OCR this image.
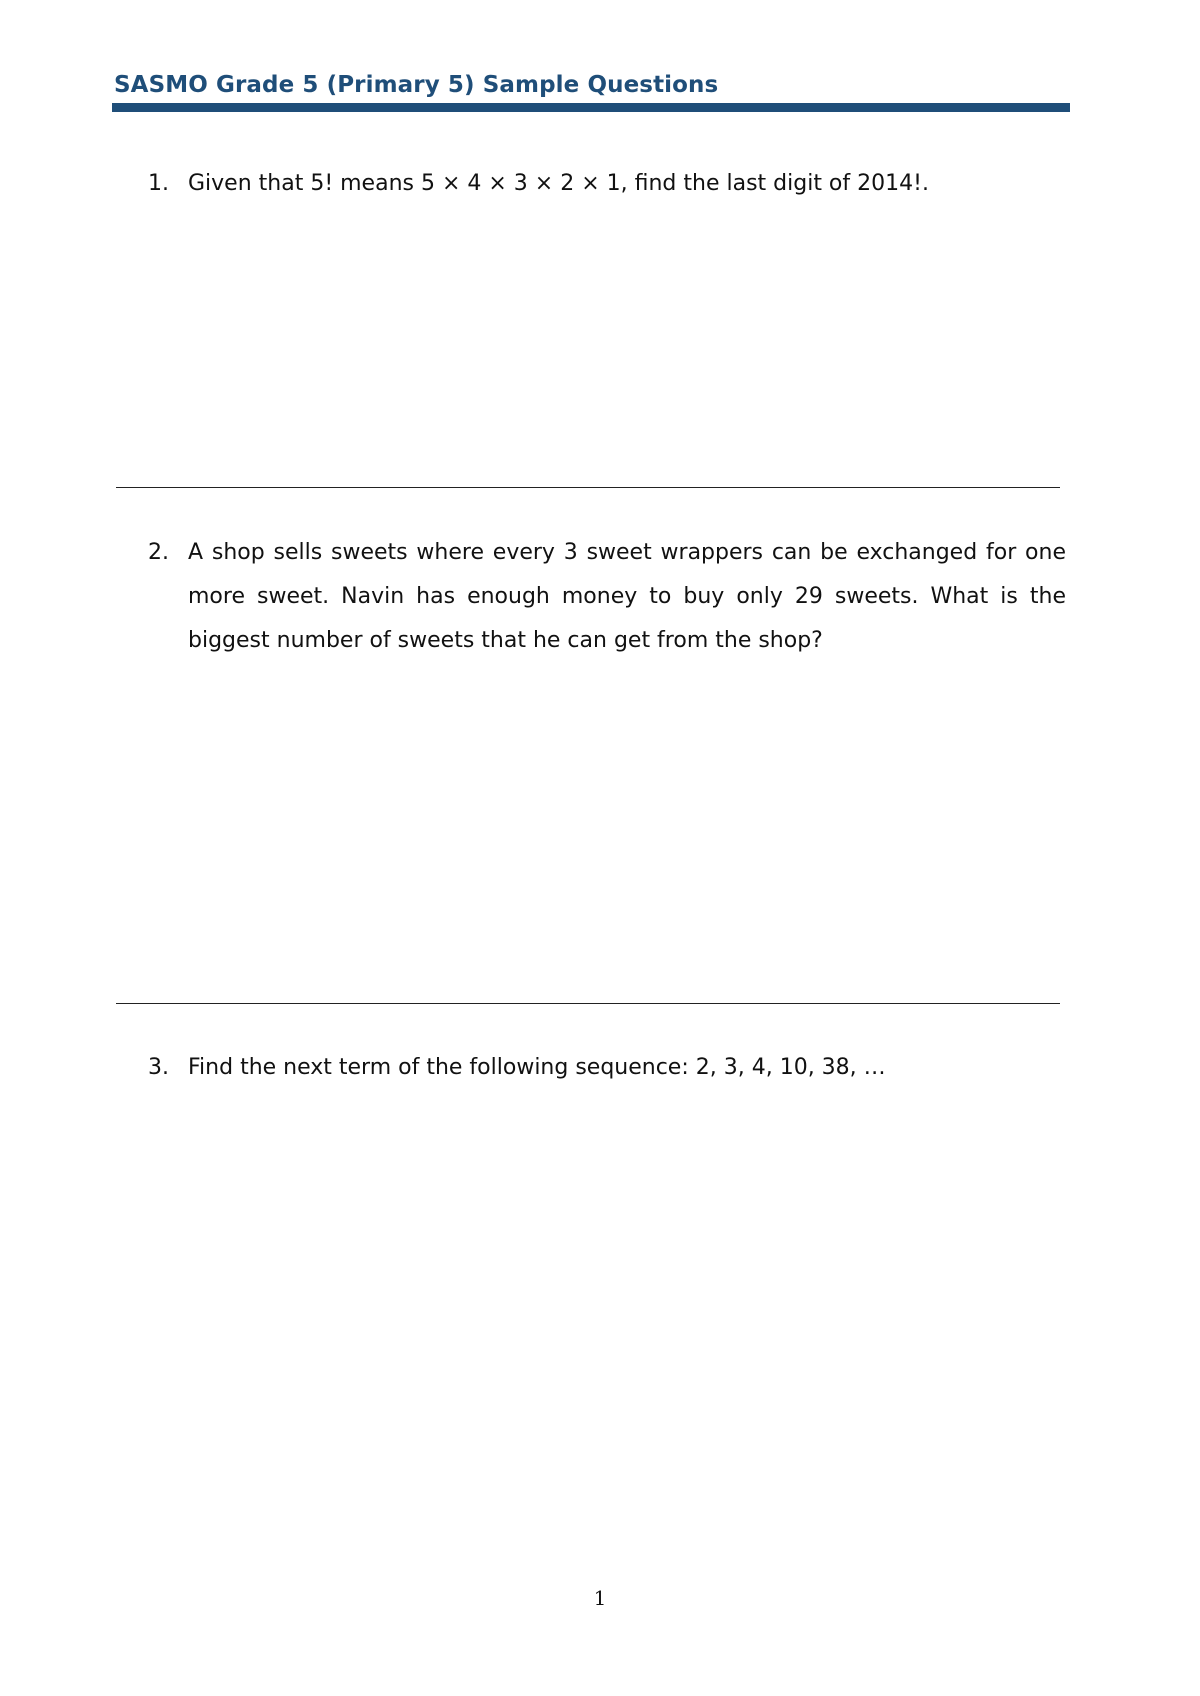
SASMO Grade 5 (Primary 5) Sample Questions
1. Given that 5! means 5 × 4 × 3 × 2 × 1, find the last digit of 2014!.
2. A shop sells sweets where every 3 sweet wrappers can be exchanged for one more sweet. Navin has enough money to buy only 29 sweets. What is the biggest number of sweets that he can get from the shop?
3. Find the next term of the following sequence: 2, 3, 4, 10, 38, …
1
